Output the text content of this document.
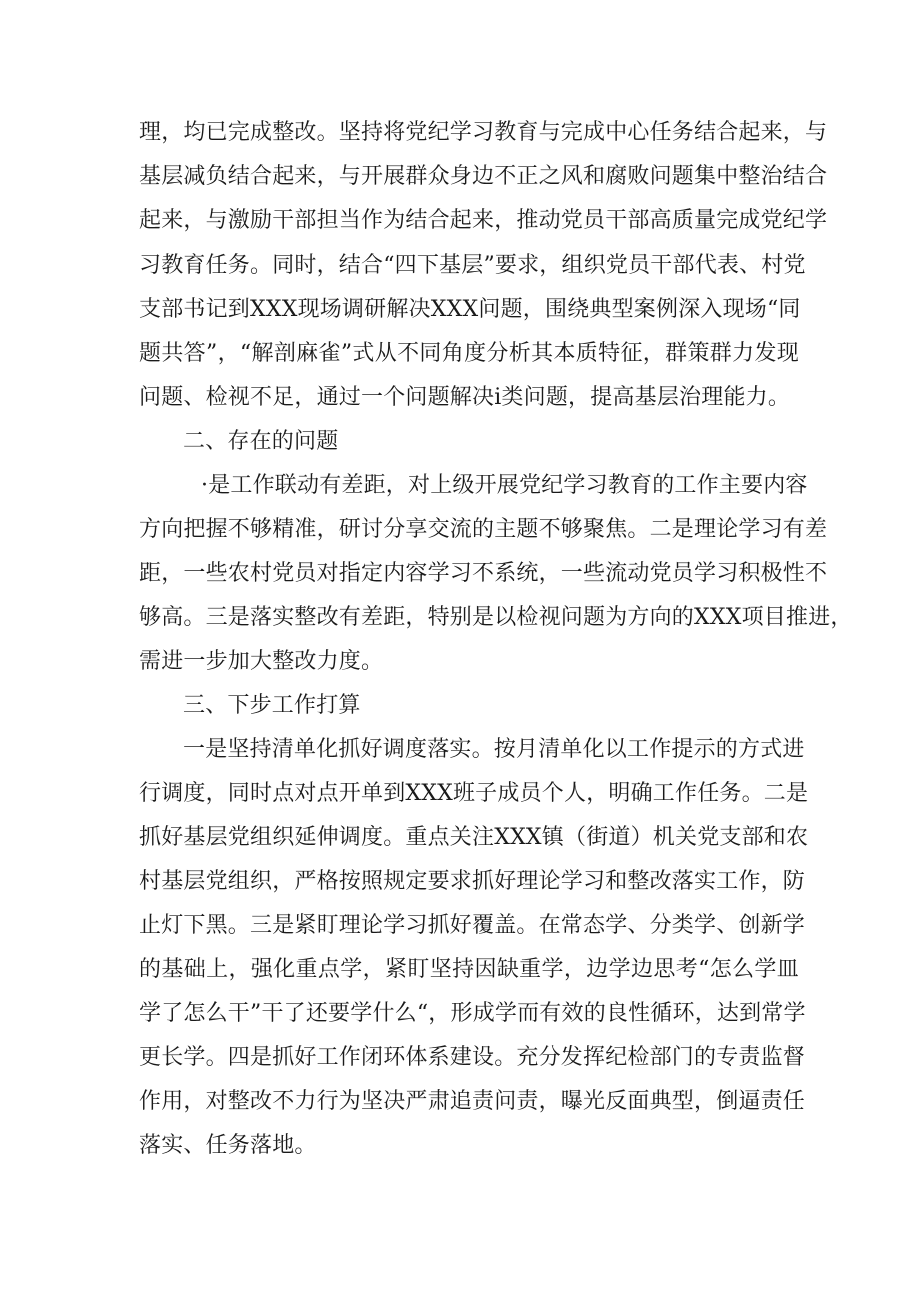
理，均已完成整改。坚持将党纪学习教育与完成中心任务结合起来，与
基层减负结合起来，与开展群众身边不正之风和腐败问题集中整治结合
起来，与激励干部担当作为结合起来，推动党员干部高质量完成党纪学
习教育任务。同时，结合“四下基层”要求，组织党员干部代表、村党
支部书记到XXX现场调研解决XXX问题，围绕典型案例深入现场“同
题共答”，“解剖麻雀”式从不同角度分析其本质特征，群策群力发现
问题、检视不足，通过一个问题解决i类问题，提高基层治理能力。
二、存在的问题
·是工作联动有差距，对上级开展党纪学习教育的工作主要内容
方向把握不够精准，研讨分享交流的主题不够聚焦。二是理论学习有差
距，一些农村党员对指定内容学习不系统，一些流动党员学习积极性不
够高。三是落实整改有差距，特别是以检视问题为方向的XXX项目推进，
需进一步加大整改力度。
三、下步工作打算
一是坚持清单化抓好调度落实。按月清单化以工作提示的方式进
行调度，同时点对点开单到XXX班子成员个人，明确工作任务。二是
抓好基层党组织延伸调度。重点关注XXX镇（街道）机关党支部和农
村基层党组织，严格按照规定要求抓好理论学习和整改落实工作，防
止灯下黑。三是紧盯理论学习抓好覆盖。在常态学、分类学、创新学
的基础上，强化重点学，紧盯坚持因缺重学，边学边思考“怎么学皿
学了怎么干”干了还要学什么“，形成学而有效的良性循环，达到常学
更长学。四是抓好工作闭环体系建设。充分发挥纪检部门的专责监督
作用，对整改不力行为坚决严肃追责问责，曝光反面典型，倒逼责任
落实、任务落地。
